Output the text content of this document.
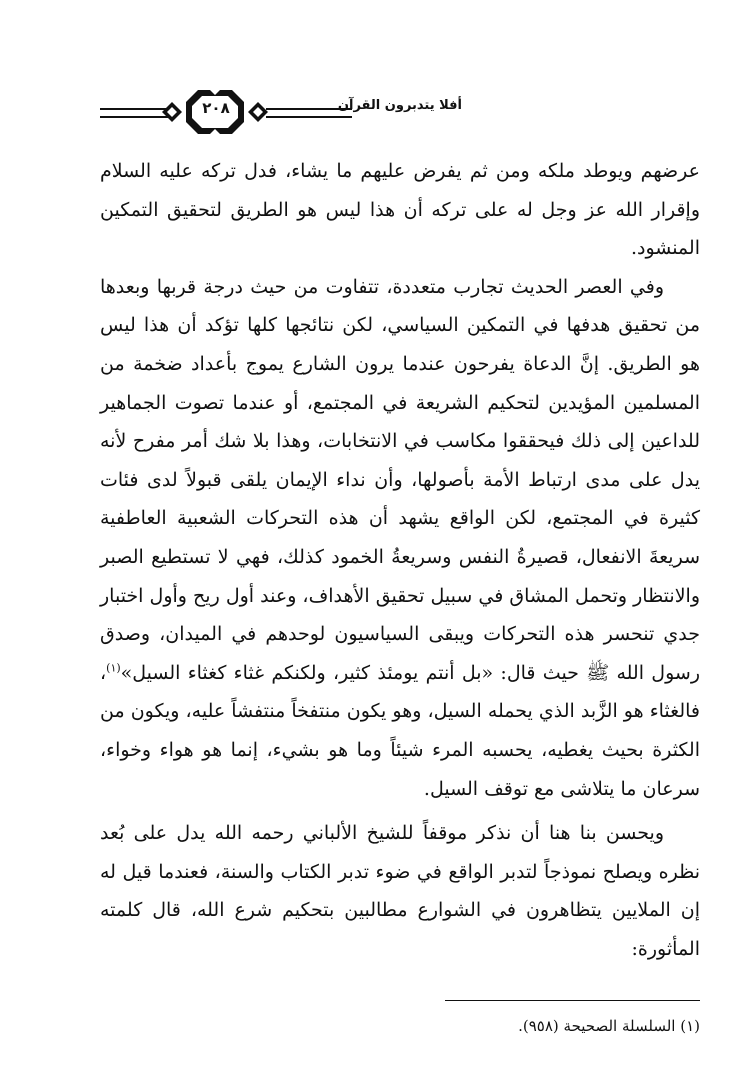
٢٠٨	أفلا يتدبرون القرآن

عرضهم ويوطد ملكه ومن ثم يفرض عليهم ما يشاء، فدل تركه عليه السلام وإقرار الله عز وجل له على تركه أن هذا ليس هو الطريق لتحقيق التمكين المنشود.

وفي العصر الحديث تجارب متعددة، تتفاوت من حيث درجة قربها وبعدها من تحقيق هدفها في التمكين السياسي، لكن نتائجها كلها تؤكد أن هذا ليس هو الطريق. إنَّ الدعاة يفرحون عندما يرون الشارع يموج بأعداد ضخمة من المسلمين المؤيدين لتحكيم الشريعة في المجتمع، أو عندما تصوت الجماهير للداعين إلى ذلك فيحققوا مكاسب في الانتخابات، وهذا بلا شك أمر مفرح لأنه يدل على مدى ارتباط الأمة بأصولها، وأن نداء الإيمان يلقى قبولاً لدى فئات كثيرة في المجتمع، لكن الواقع يشهد أن هذه التحركات الشعبية العاطفية سريعةَ الانفعال، قصيرةُ النفس وسريعةُ الخمود كذلك، فهي لا تستطيع الصبر والانتظار وتحمل المشاق في سبيل تحقيق الأهداف، وعند أول ريح وأول اختبار جدي تنحسر هذه التحركات ويبقى السياسيون لوحدهم في الميدان، وصدق رسول الله ﷺ حيث قال: «بل أنتم يومئذ كثير، ولكنكم غثاء كغثاء السيل»$^{(١)}$، فالغثاء هو الزَّبد الذي يحمله السيل، وهو يكون منتفخاً منتفشاً عليه، ويكون من الكثرة بحيث يغطيه، يحسبه المرء شيئاً وما هو بشيء، إنما هو هواء وخواء، سرعان ما يتلاشى مع توقف السيل.

ويحسن بنا هنا أن نذكر موقفاً للشيخ الألباني رحمه الله يدل على بُعد نظره ويصلح نموذجاً لتدبر الواقع في ضوء تدبر الكتاب والسنة، فعندما قيل له إن الملايين يتظاهرون في الشوارع مطالبين بتحكيم شرع الله، قال كلمته المأثورة:

(١) السلسلة الصحيحة (٩٥٨).
